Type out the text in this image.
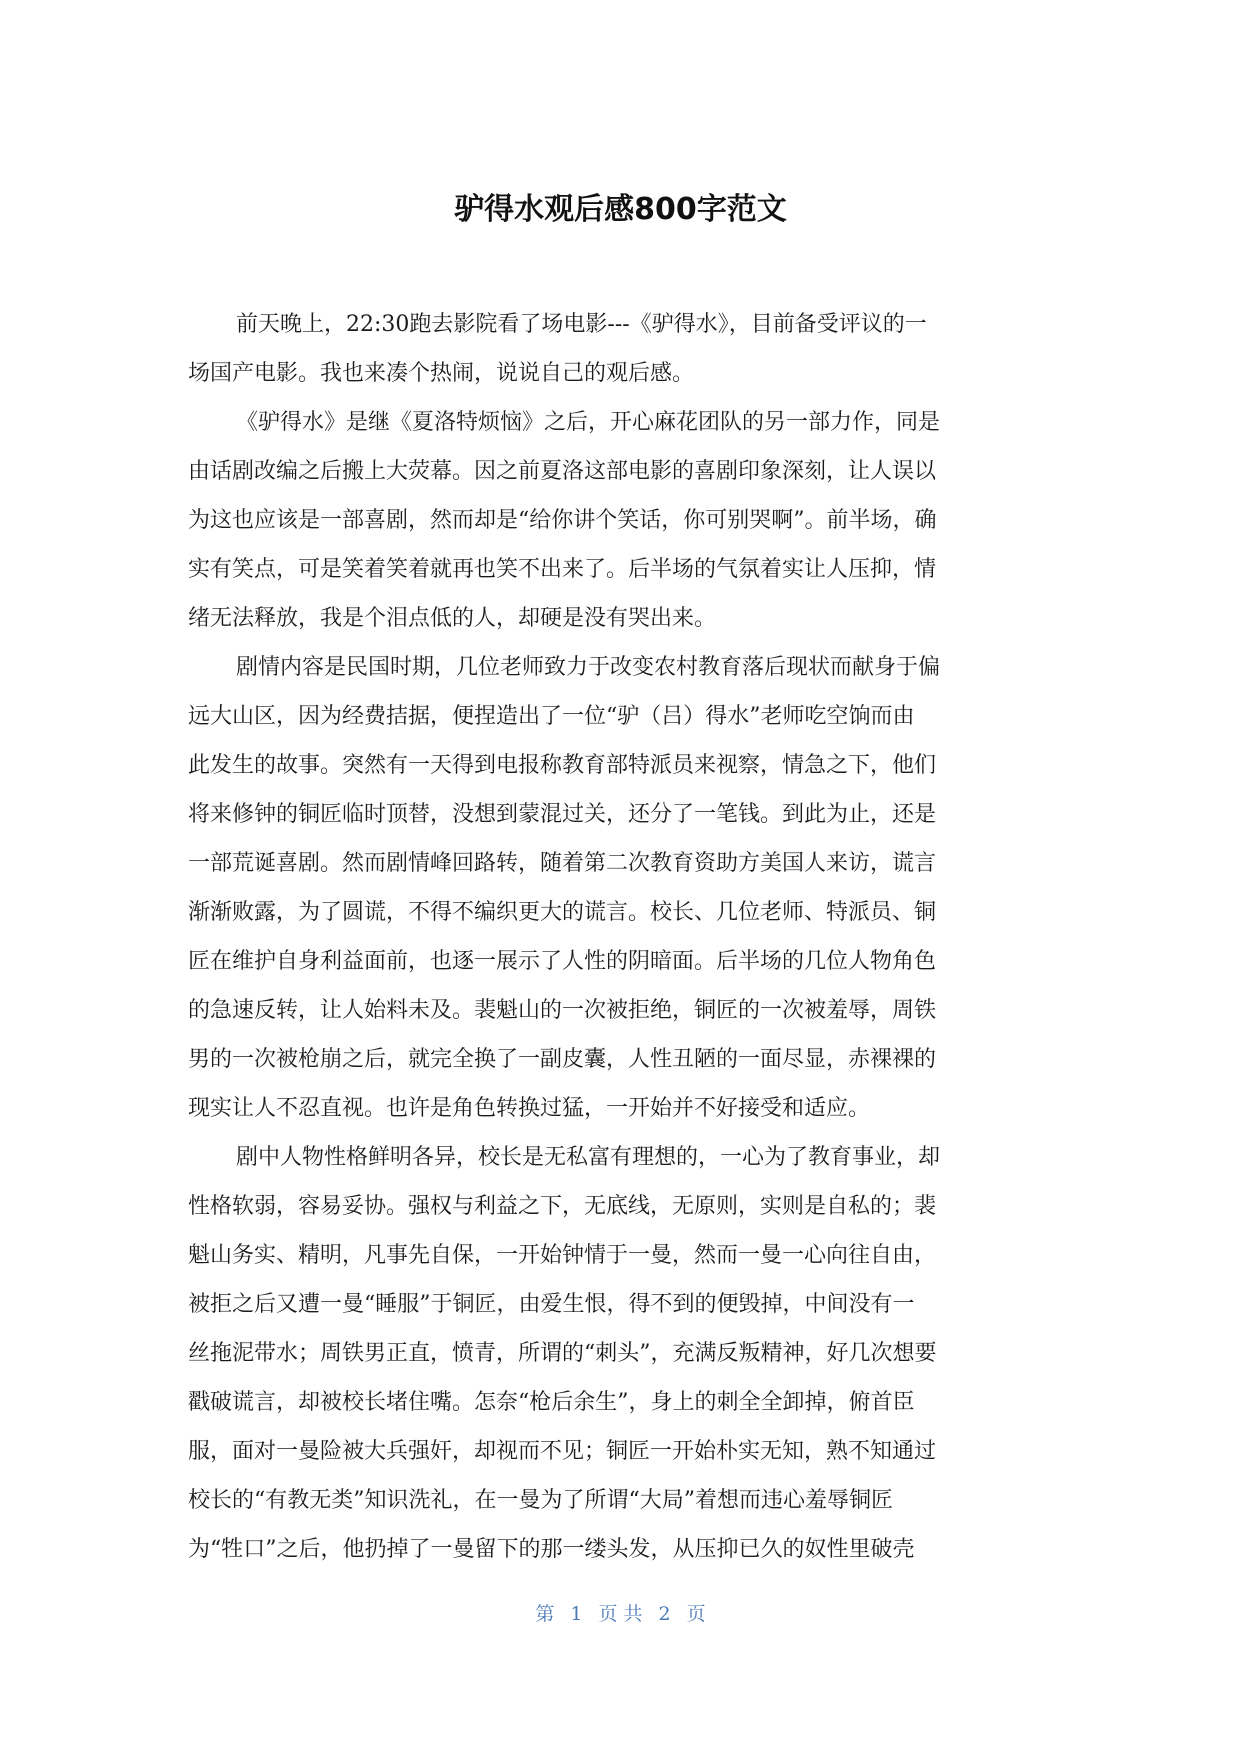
驴得水观后感800字范文
前天晚上，22:30跑去影院看了场电影---《驴得水》，目前备受评议的一
场国产电影。我也来凑个热闹，说说自己的观后感。
《驴得水》是继《夏洛特烦恼》之后，开心麻花团队的另一部力作，同是
由话剧改编之后搬上大荧幕。因之前夏洛这部电影的喜剧印象深刻，让人误以
为这也应该是一部喜剧，然而却是“给你讲个笑话，你可别哭啊”。前半场，确
实有笑点，可是笑着笑着就再也笑不出来了。后半场的气氛着实让人压抑，情
绪无法释放，我是个泪点低的人，却硬是没有哭出来。
剧情内容是民国时期，几位老师致力于改变农村教育落后现状而献身于偏
远大山区，因为经费拮据，便捏造出了一位“驴（吕）得水”老师吃空饷而由
此发生的故事。突然有一天得到电报称教育部特派员来视察，情急之下，他们
将来修钟的铜匠临时顶替，没想到蒙混过关，还分了一笔钱。到此为止，还是
一部荒诞喜剧。然而剧情峰回路转，随着第二次教育资助方美国人来访，谎言
渐渐败露，为了圆谎，不得不编织更大的谎言。校长、几位老师、特派员、铜
匠在维护自身利益面前，也逐一展示了人性的阴暗面。后半场的几位人物角色
的急速反转，让人始料未及。裴魁山的一次被拒绝，铜匠的一次被羞辱，周铁
男的一次被枪崩之后，就完全换了一副皮囊，人性丑陋的一面尽显，赤裸裸的
现实让人不忍直视。也许是角色转换过猛，一开始并不好接受和适应。
剧中人物性格鲜明各异，校长是无私富有理想的，一心为了教育事业，却
性格软弱，容易妥协。强权与利益之下，无底线，无原则，实则是自私的；裴
魁山务实、精明，凡事先自保，一开始钟情于一曼，然而一曼一心向往自由，
被拒之后又遭一曼“睡服”于铜匠，由爱生恨，得不到的便毁掉，中间没有一
丝拖泥带水；周铁男正直，愤青，所谓的“刺头”，充满反叛精神，好几次想要
戳破谎言，却被校长堵住嘴。怎奈“枪后余生”，身上的刺全全卸掉，俯首臣
服，面对一曼险被大兵强奸，却视而不见；铜匠一开始朴实无知，熟不知通过
校长的“有教无类”知识洗礼，在一曼为了所谓“大局”着想而违心羞辱铜匠
为“牲口”之后，他扔掉了一曼留下的那一缕头发，从压抑已久的奴性里破壳
第 1 页 共 2 页
